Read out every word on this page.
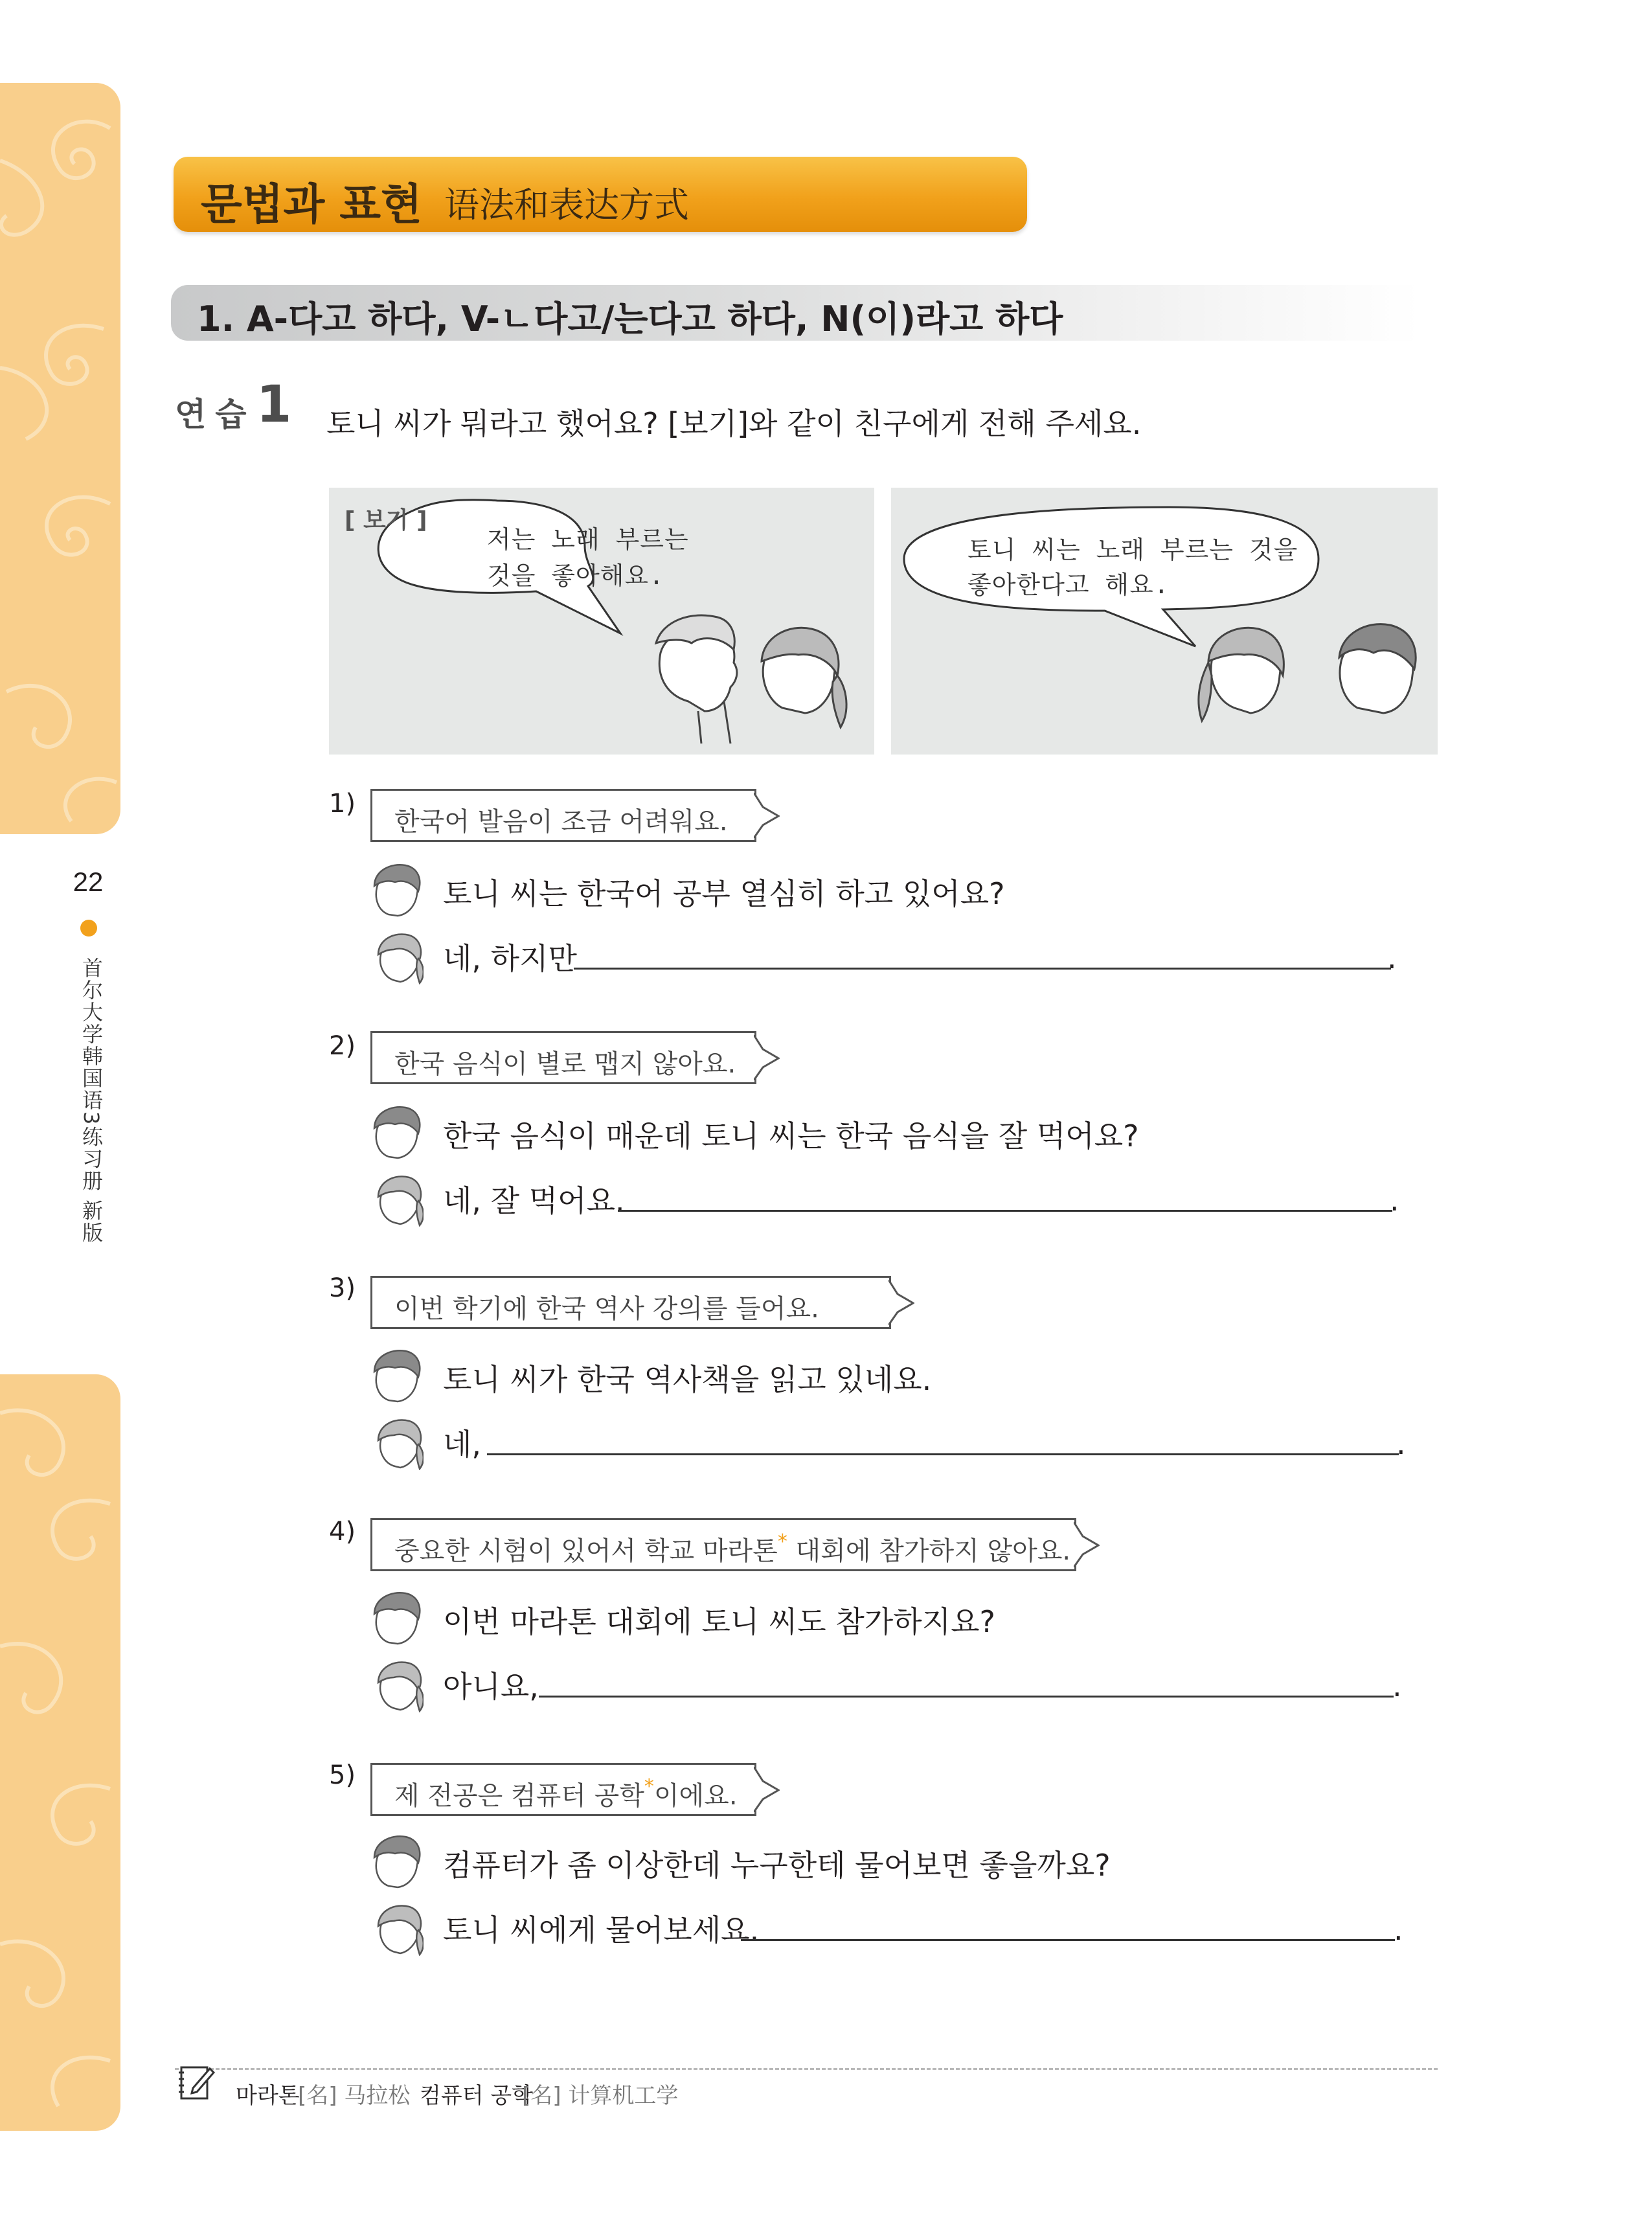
22
首尔大学韩国语3练习册 新版
문법과 표현 语法和表达方式
1. A-다고 하다, V-ㄴ다고/는다고 하다, N(이)라고 하다
연습 1 토니 씨가 뭐라고 했어요? [보기]와 같이 친구에게 전해 주세요.
[ 보기 ]
저는 노래 부르는
것을 좋아해요.
토니 씨는 노래 부르는 것을
좋아한다고 해요.
1)
한국어 발음이 조금 어려워요.
토니 씨는 한국어 공부 열심히 하고 있어요?
네, 하지만	.
2)
한국 음식이 별로 맵지 않아요.
한국 음식이 매운데 토니 씨는 한국 음식을 잘 먹어요?
네, 잘 먹어요.	.
3)
이번 학기에 한국 역사 강의를 들어요.
토니 씨가 한국 역사책을 읽고 있네요.
네,	.
4)
중요한 시험이 있어서 학교 마라톤* 대회에 참가하지 않아요.
이번 마라톤 대회에 토니 씨도 참가하지요?
아니요,	.
5)
제 전공은 컴퓨터 공학*이에요.
컴퓨터가 좀 이상한데 누구한테 물어보면 좋을까요?
토니 씨에게 물어보세요.	.
마라톤
[名] 马拉松 컴퓨터 공학
[名] 计算机工学
